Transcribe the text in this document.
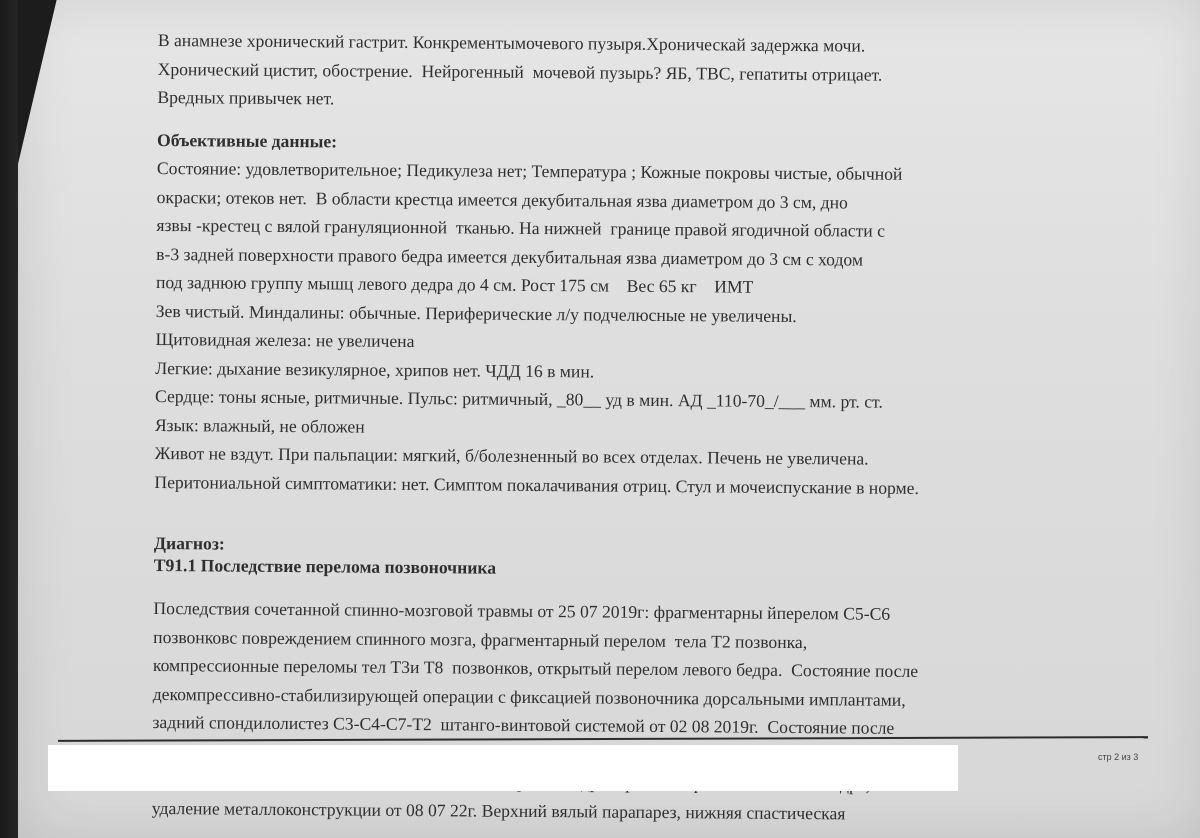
В анамнезе хронический гастрит. Конкрементымочевого пузыря.Хроническай задержка мочи.
Хронический цистит, обострение.  Нейрогенный  мочевой пузырь? ЯБ, ТВС, гепатиты отрицает.
Вредных привычек нет.
Объективные данные:
Состояние: удовлетворительное; Педикулеза нет; Температура ; Кожные покровы чистые, обычной
окраски; отеков нет.  В области крестца имеется декубитальная язва диаметром до 3 см, дно
язвы -крестец с вялой грануляционной  тканью. На нижней  границе правой ягодичной области с
в-3 задней поверхности правого бедра имеется декубитальная язва диаметром до 3 см с ходом
под заднюю группу мышц левого дедра до 4 см. Рост 175 см    Вес 65 кг    ИМТ
Зев чистый. Миндалины: обычные. Периферические л/у подчелюсные не увеличены.
Щитовидная железа: не увеличена
Легкие: дыхание везикулярное, хрипов нет. ЧДД 16 в мин.
Сердце: тоны ясные, ритмичные. Пульс: ритмичный, _80__ уд в мин. АД _110-70_/___ мм. рт. ст.
Язык: влажный, не обложен
Живот не вздут. При пальпации: мягкий, б/болезненный во всех отделах. Печень не увеличена.
Перитониальной симптоматики: нет. Симптом покалачивания отриц. Стул и мочеиспускание в норме.
Диагноз:
Т91.1 Последствие перелома позвоночника
Последствия сочетанной спинно-мозговой травмы от 25 07 2019г: фрагментарны йперелом С5-С6
позвонковс повреждением спинного мозга, фрагментарный перелом  тела Т2 позвонка,
компрессионные переломы тел Т3и Т8  позвонков, открытый перелом левого бедра.  Состояние после
декомпрессивно-стабилизирующей операции с фиксацией позвоночника дорсальными имплантами,
задний спондилолистез С3-С4-С7-Т2  штанго-винтовой системой от 02 08 2019г.  Состояние после
удаление металлоконструкции от 08 07 22г. Верхний вялый парапарез, нижняя спастическая
стр 2 из 3
